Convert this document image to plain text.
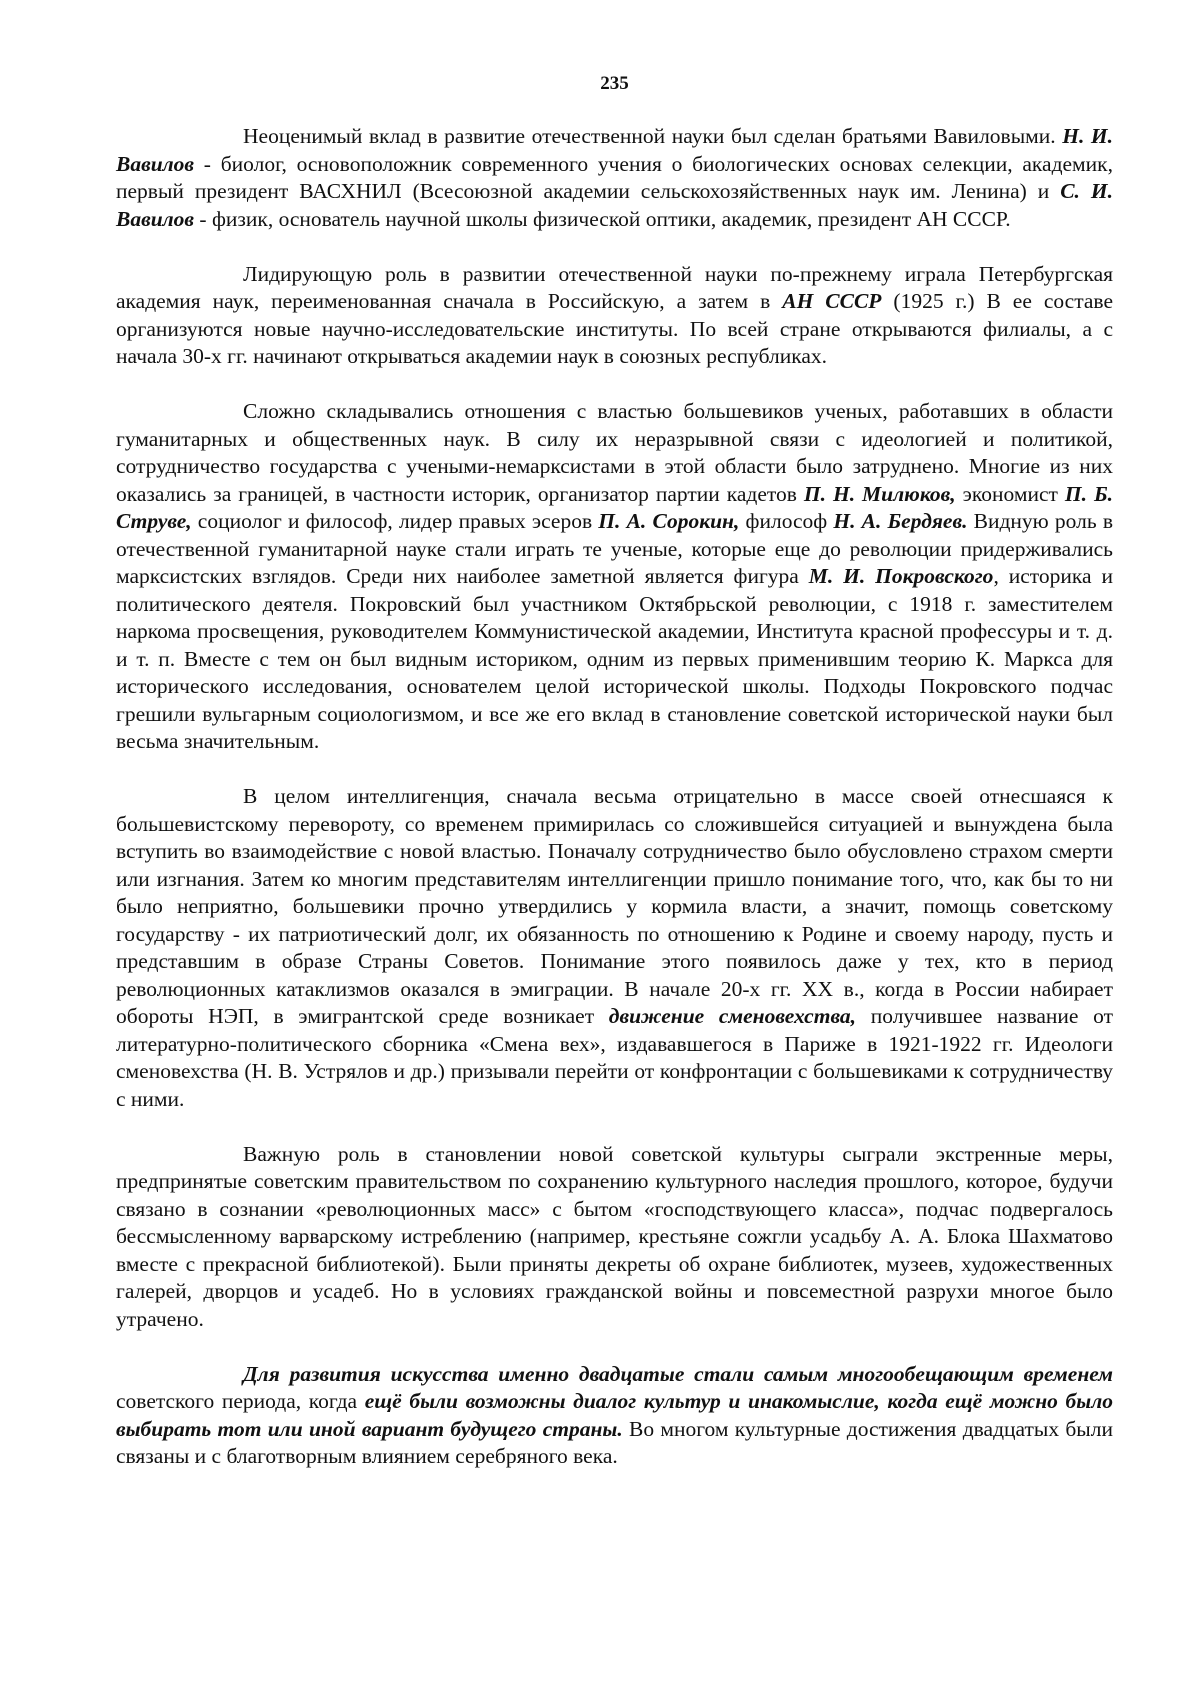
235

Неоценимый вклад в развитие отечественной науки был сделан братьями Вавиловыми. Н. И. Вавилов - биолог, основоположник современного учения о биологических основах селекции, академик, первый президент ВАСХНИЛ (Всесоюзной академии сельскохозяйственных наук им. Ленина) и С. И. Вавилов - физик, основатель научной школы физической оптики, академик, президент АН СССР.

Лидирующую роль в развитии отечественной науки по-прежнему играла Петербургская академия наук, переименованная сначала в Российскую, а затем в АН СССР (1925 г.) В ее составе организуются новые научно-исследовательские институты. По всей стране открываются филиалы, а с начала 30-х гг. начинают открываться академии наук в союзных республиках.

Сложно складывались отношения с властью большевиков ученых, работавших в области гуманитарных и общественных наук. В силу их неразрывной связи с идеологией и политикой, сотрудничество государства с учеными-немарксистами в этой области было затруднено. Многие из них оказались за границей, в частности историк, организатор партии кадетов П. Н. Милюков, экономист П. Б. Струве, социолог и философ, лидер правых эсеров П. А. Сорокин, философ Н. А. Бердяев. Видную роль в отечественной гуманитарной науке стали играть те ученые, которые еще до революции придерживались марксистских взглядов. Среди них наиболее заметной является фигура М. И. Покровского, историка и политического деятеля. Покровский был участником Октябрьской революции, с 1918 г. заместителем наркома просвещения, руководителем Коммунистической академии, Института красной профессуры и т. д. и т. п. Вместе с тем он был видным историком, одним из первых применившим теорию К. Маркса для исторического исследования, основателем целой исторической школы. Подходы Покровского подчас грешили вульгарным социологизмом, и все же его вклад в становление советской исторической науки был весьма значительным.

В целом интеллигенция, сначала весьма отрицательно в массе своей отнесшаяся к большевистскому перевороту, со временем примирилась со сложившейся ситуацией и вынуждена была вступить во взаимодействие с новой властью. Поначалу сотрудничество было обусловлено страхом смерти или изгнания. Затем ко многим представителям интеллигенции пришло понимание того, что, как бы то ни было неприятно, большевики прочно утвердились у кормила власти, а значит, помощь советскому государству - их патриотический долг, их обязанность по отношению к Родине и своему народу, пусть и представшим в образе Страны Советов. Понимание этого появилось даже у тех, кто в период революционных катаклизмов оказался в эмиграции. В начале 20-х гг. XX в., когда в России набирает обороты НЭП, в эмигрантской среде возникает движение сменовехства, получившее название от литературно-политического сборника «Смена вех», издававшегося в Париже в 1921-1922 гг. Идеологи сменовехства (Н. В. Устрялов и др.) призывали перейти от конфронтации с большевиками к сотрудничеству с ними.

Важную роль в становлении новой советской культуры сыграли экстренные меры, предпринятые советским правительством по сохранению культурного наследия прошлого, которое, будучи связано в сознании «революционных масс» с бытом «господствующего класса», подчас подвергалось бессмысленному варварскому истреблению (например, крестьяне сожгли усадьбу А. А. Блока Шахматово вместе с прекрасной библиотекой). Были приняты декреты об охране библиотек, музеев, художественных галерей, дворцов и усадеб. Но в условиях гражданской войны и повсеместной разрухи многое было утрачено.

Для развития искусства именно двадцатые стали самым многообещающим временем советского периода, когда ещё были возможны диалог культур и инакомыслие, когда ещё можно было выбирать тот или иной вариант будущего страны. Во многом культурные достижения двадцатых были связаны и с благотворным влиянием серебряного века.
